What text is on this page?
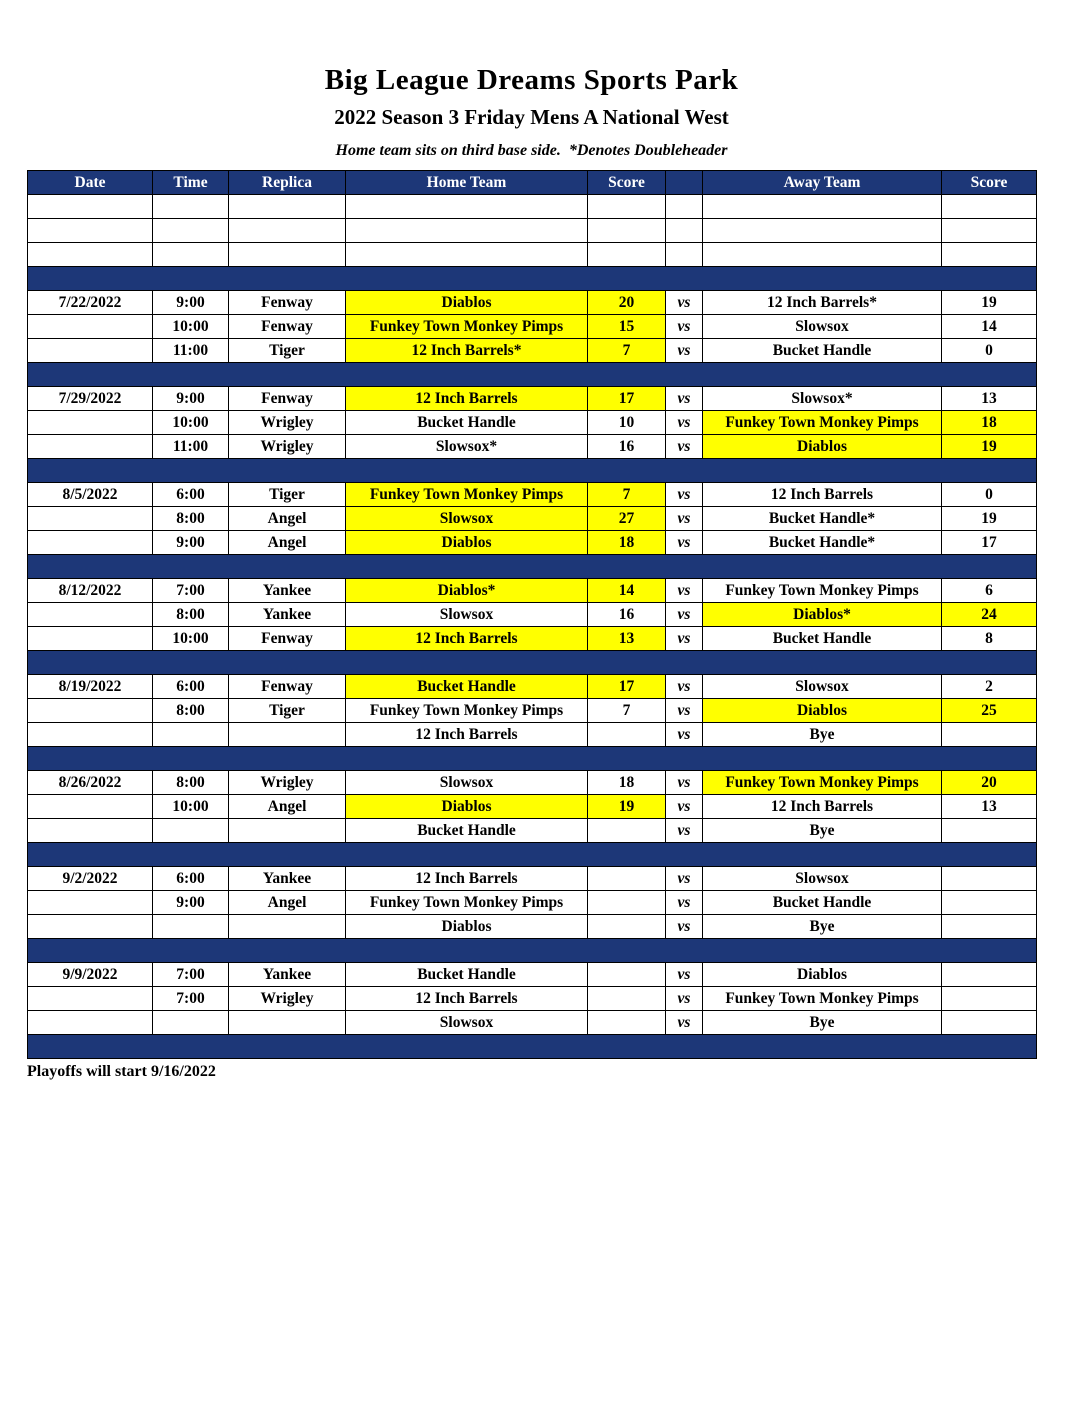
Big League Dreams Sports Park
2022 Season 3 Friday Mens A National West
Home team sits on third base side.  *Denotes Doubleheader
Date	Time	Replica	Home Team	Score		Away Team	Score

7/22/2022	9:00	Fenway	Diablos	20	vs	12 Inch Barrels*	19
	10:00	Fenway	Funkey Town Monkey Pimps	15	vs	Slowsox	14
	11:00	Tiger	12 Inch Barrels*	7	vs	Bucket Handle	0

7/29/2022	9:00	Fenway	12 Inch Barrels	17	vs	Slowsox*	13
	10:00	Wrigley	Bucket Handle	10	vs	Funkey Town Monkey Pimps	18
	11:00	Wrigley	Slowsox*	16	vs	Diablos	19

8/5/2022	6:00	Tiger	Funkey Town Monkey Pimps	7	vs	12 Inch Barrels	0
	8:00	Angel	Slowsox	27	vs	Bucket Handle*	19
	9:00	Angel	Diablos	18	vs	Bucket Handle*	17

8/12/2022	7:00	Yankee	Diablos*	14	vs	Funkey Town Monkey Pimps	6
	8:00	Yankee	Slowsox	16	vs	Diablos*	24
	10:00	Fenway	12 Inch Barrels	13	vs	Bucket Handle	8

8/19/2022	6:00	Fenway	Bucket Handle	17	vs	Slowsox	2
	8:00	Tiger	Funkey Town Monkey Pimps	7	vs	Diablos	25
			12 Inch Barrels		vs	Bye	

8/26/2022	8:00	Wrigley	Slowsox	18	vs	Funkey Town Monkey Pimps	20
	10:00	Angel	Diablos	19	vs	12 Inch Barrels	13
			Bucket Handle		vs	Bye	

9/2/2022	6:00	Yankee	12 Inch Barrels		vs	Slowsox	
	9:00	Angel	Funkey Town Monkey Pimps		vs	Bucket Handle	
			Diablos		vs	Bye	

9/9/2022	7:00	Yankee	Bucket Handle		vs	Diablos	
	7:00	Wrigley	12 Inch Barrels		vs	Funkey Town Monkey Pimps	
			Slowsox		vs	Bye	

Playoffs will start 9/16/2022
